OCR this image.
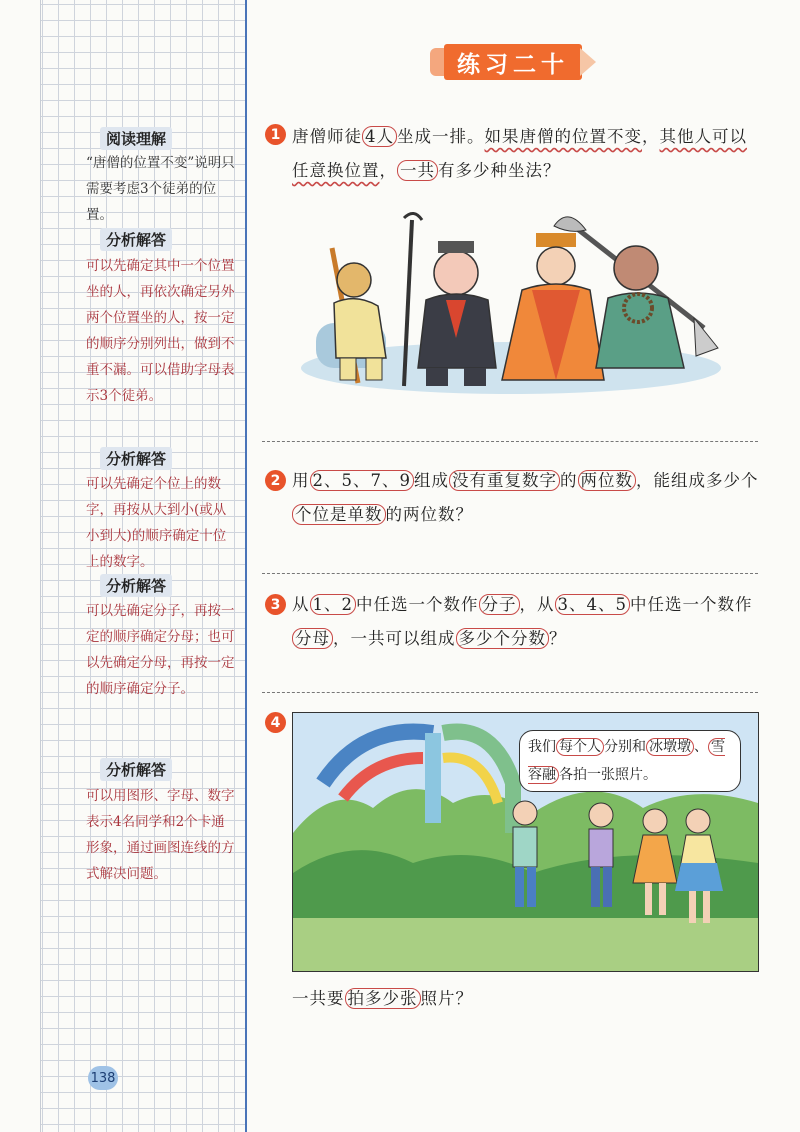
阅读理解
“唐僧的位置不变”说明只需要考虑3个徒弟的位置。
分析解答
可以先确定其中一个位置坐的人，再依次确定另外两个位置坐的人，按一定的顺序分别列出，做到不重不漏。可以借助字母表示3个徒弟。
分析解答
可以先确定个位上的数字，再按从大到小(或从小到大)的顺序确定十位上的数字。
分析解答
可以先确定分子，再按一定的顺序确定分母；也可以先确定分母，再按一定的顺序确定分子。
分析解答
可以用图形、字母、数字表示4名同学和2个卡通形象，通过画图连线的方式解决问题。
138
练习二十
1 唐僧师徒 4人 坐成一排。如果唐僧的位置不变，其他人可以任意换位置， 一共 有多少种坐法？
2 用 2、5、7、9 组成 没有重复数字 的 两位数 ，能组成多少个个位是单数 的两位数？
3 从 1、2 中任选一个数作 分子 ，从 3、4、5 中任选一个数作分母 ，一共可以组成 多少个分数 ？
4
我们 每个人 分别和 冰墩墩 、 雪容融 各拍一张照片。
一共要 拍多少张 照片？
